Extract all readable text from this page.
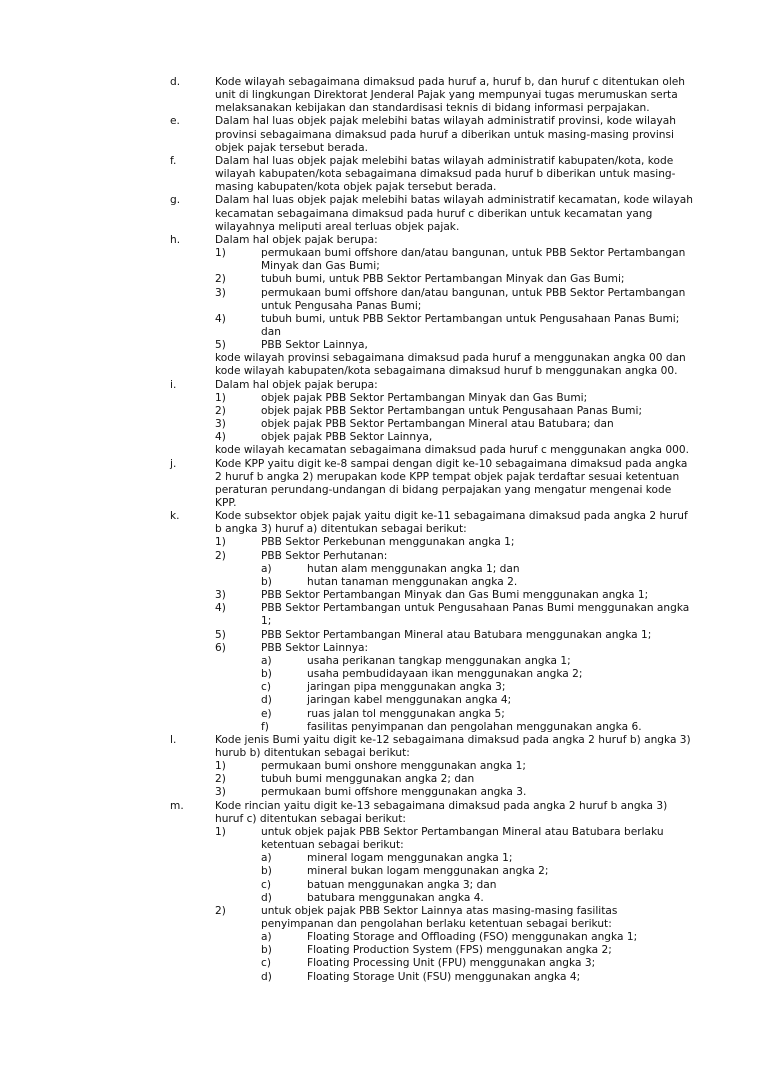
d.	Kode wilayah sebagaimana dimaksud pada huruf a, huruf b, dan huruf c ditentukan oleh unit di lingkungan Direktorat Jenderal Pajak yang mempunyai tugas merumuskan serta melaksanakan kebijakan dan standardisasi teknis di bidang informasi perpajakan.
e.	Dalam hal luas objek pajak melebihi batas wilayah administratif provinsi, kode wilayah provinsi sebagaimana dimaksud pada huruf a diberikan untuk masing-masing provinsi objek pajak tersebut berada.
f.	Dalam hal luas objek pajak melebihi batas wilayah administratif kabupaten/kota, kode wilayah kabupaten/kota sebagaimana dimaksud pada huruf b diberikan untuk masing-masing kabupaten/kota objek pajak tersebut berada.
g.	Dalam hal luas objek pajak melebihi batas wilayah administratif kecamatan, kode wilayah kecamatan sebagaimana dimaksud pada huruf c diberikan untuk kecamatan yang wilayahnya meliputi areal terluas objek pajak.
h.	Dalam hal objek pajak berupa:
1)	permukaan bumi offshore dan/atau bangunan, untuk PBB Sektor Pertambangan Minyak dan Gas Bumi;
2)	tubuh bumi, untuk PBB Sektor Pertambangan Minyak dan Gas Bumi;
3)	permukaan bumi offshore dan/atau bangunan, untuk PBB Sektor Pertambangan untuk Pengusaha Panas Bumi;
4)	tubuh bumi, untuk PBB Sektor Pertambangan untuk Pengusahaan Panas Bumi; dan
5)	PBB Sektor Lainnya,
kode wilayah provinsi sebagaimana dimaksud pada huruf a menggunakan angka 00 dan kode wilayah kabupaten/kota sebagaimana dimaksud huruf b menggunakan angka 00.
i.	Dalam hal objek pajak berupa:
1)	objek pajak PBB Sektor Pertambangan Minyak dan Gas Bumi;
2)	objek pajak PBB Sektor Pertambangan untuk Pengusahaan Panas Bumi;
3)	objek pajak PBB Sektor Pertambangan Mineral atau Batubara; dan
4)	objek pajak PBB Sektor Lainnya,
kode wilayah kecamatan sebagaimana dimaksud pada huruf c menggunakan angka 000.
j.	Kode KPP yaitu digit ke-8 sampai dengan digit ke-10 sebagaimana dimaksud pada angka 2 huruf b angka 2) merupakan kode KPP tempat objek pajak terdaftar sesuai ketentuan peraturan perundang-undangan di bidang perpajakan yang mengatur mengenai kode KPP.
k.	Kode subsektor objek pajak yaitu digit ke-11 sebagaimana dimaksud pada angka 2 huruf b angka 3) huruf a) ditentukan sebagai berikut:
1)	PBB Sektor Perkebunan menggunakan angka 1;
2)	PBB Sektor Perhutanan:
a)	hutan alam menggunakan angka 1; dan
b)	hutan tanaman menggunakan angka 2.
3)	PBB Sektor Pertambangan Minyak dan Gas Bumi menggunakan angka 1;
4)	PBB Sektor Pertambangan untuk Pengusahaan Panas Bumi menggunakan angka 1;
5)	PBB Sektor Pertambangan Mineral atau Batubara menggunakan angka 1;
6)	PBB Sektor Lainnya:
a)	usaha perikanan tangkap menggunakan angka 1;
b)	usaha pembudidayaan ikan menggunakan angka 2;
c)	jaringan pipa menggunakan angka 3;
d)	jaringan kabel menggunakan angka 4;
e)	ruas jalan tol menggunakan angka 5;
f)	fasilitas penyimpanan dan pengolahan menggunakan angka 6.
l.	Kode jenis Bumi yaitu digit ke-12 sebagaimana dimaksud pada angka 2 huruf b) angka 3) hurub b) ditentukan sebagai berikut:
1)	permukaan bumi onshore menggunakan angka 1;
2)	tubuh bumi menggunakan angka 2; dan
3)	permukaan bumi offshore menggunakan angka 3.
m.	Kode rincian yaitu digit ke-13 sebagaimana dimaksud pada angka 2 huruf b angka 3) huruf c) ditentukan sebagai berikut:
1)	untuk objek pajak PBB Sektor Pertambangan Mineral atau Batubara berlaku ketentuan sebagai berikut:
a)	mineral logam menggunakan angka 1;
b)	mineral bukan logam menggunakan angka 2;
c)	batuan menggunakan angka 3; dan
d)	batubara menggunakan angka 4.
2)	untuk objek pajak PBB Sektor Lainnya atas masing-masing fasilitas penyimpanan dan pengolahan berlaku ketentuan sebagai berikut:
a)	Floating Storage and Offloading (FSO) menggunakan angka 1;
b)	Floating Production System (FPS) menggunakan angka 2;
c)	Floating Processing Unit (FPU) menggunakan angka 3;
d)	Floating Storage Unit (FSU) menggunakan angka 4;
